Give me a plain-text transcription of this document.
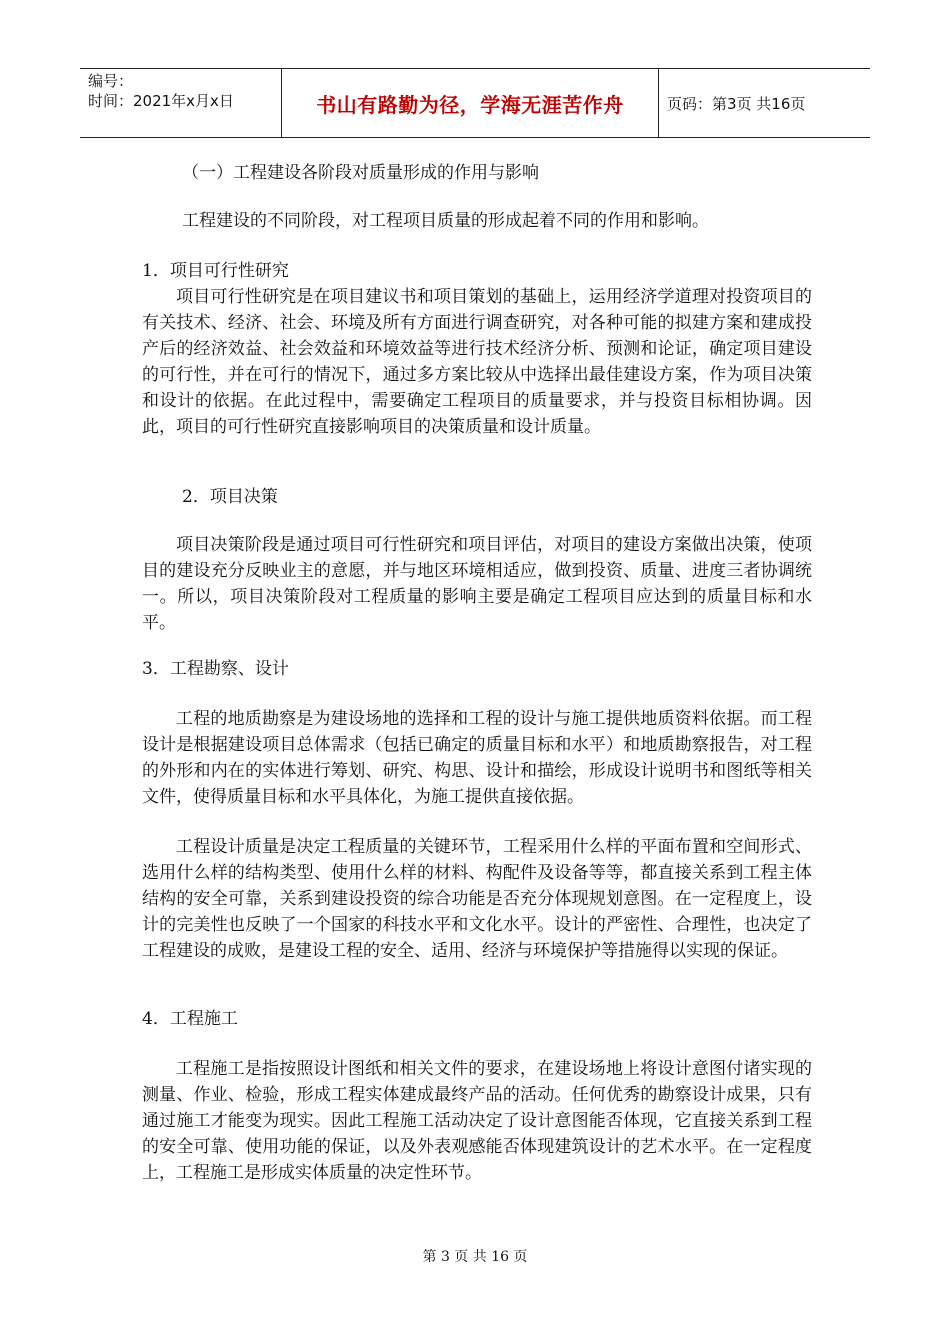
编号：
时间：2021年x月x日	书山有路勤为径，学海无涯苦作舟	页码：第3页 共16页

（一）工程建设各阶段对质量形成的作用与影响

工程建设的不同阶段，对工程项目质量的形成起着不同的作用和影响。

1．项目可行性研究

项目可行性研究是在项目建议书和项目策划的基础上，运用经济学道理对投资项目的有关技术、经济、社会、环境及所有方面进行调查研究，对各种可能的拟建方案和建成投产后的经济效益、社会效益和环境效益等进行技术经济分析、预测和论证，确定项目建设的可行性，并在可行的情况下，通过多方案比较从中选择出最佳建设方案，作为项目决策和设计的依据。在此过程中，需要确定工程项目的质量要求，并与投资目标相协调。因此，项目的可行性研究直接影响项目的决策质量和设计质量。

2．项目决策

项目决策阶段是通过项目可行性研究和项目评估，对项目的建设方案做出决策，使项目的建设充分反映业主的意愿，并与地区环境相适应，做到投资、质量、进度三者协调统一。所以，项目决策阶段对工程质量的影响主要是确定工程项目应达到的质量目标和水平。

3．工程勘察、设计

工程的地质勘察是为建设场地的选择和工程的设计与施工提供地质资料依据。而工程设计是根据建设项目总体需求（包括已确定的质量目标和水平）和地质勘察报告，对工程的外形和内在的实体进行筹划、研究、构思、设计和描绘，形成设计说明书和图纸等相关文件，使得质量目标和水平具体化，为施工提供直接依据。

工程设计质量是决定工程质量的关键环节，工程采用什么样的平面布置和空间形式、选用什么样的结构类型、使用什么样的材料、构配件及设备等等，都直接关系到工程主体结构的安全可靠，关系到建设投资的综合功能是否充分体现规划意图。在一定程度上，设计的完美性也反映了一个国家的科技水平和文化水平。设计的严密性、合理性，也决定了工程建设的成败，是建设工程的安全、适用、经济与环境保护等措施得以实现的保证。

4．工程施工

工程施工是指按照设计图纸和相关文件的要求，在建设场地上将设计意图付诸实现的测量、作业、检验，形成工程实体建成最终产品的活动。任何优秀的勘察设计成果，只有通过施工才能变为现实。因此工程施工活动决定了设计意图能否体现，它直接关系到工程的安全可靠、使用功能的保证，以及外表观感能否体现建筑设计的艺术水平。在一定程度上，工程施工是形成实体质量的决定性环节。

第 3 页 共 16 页
